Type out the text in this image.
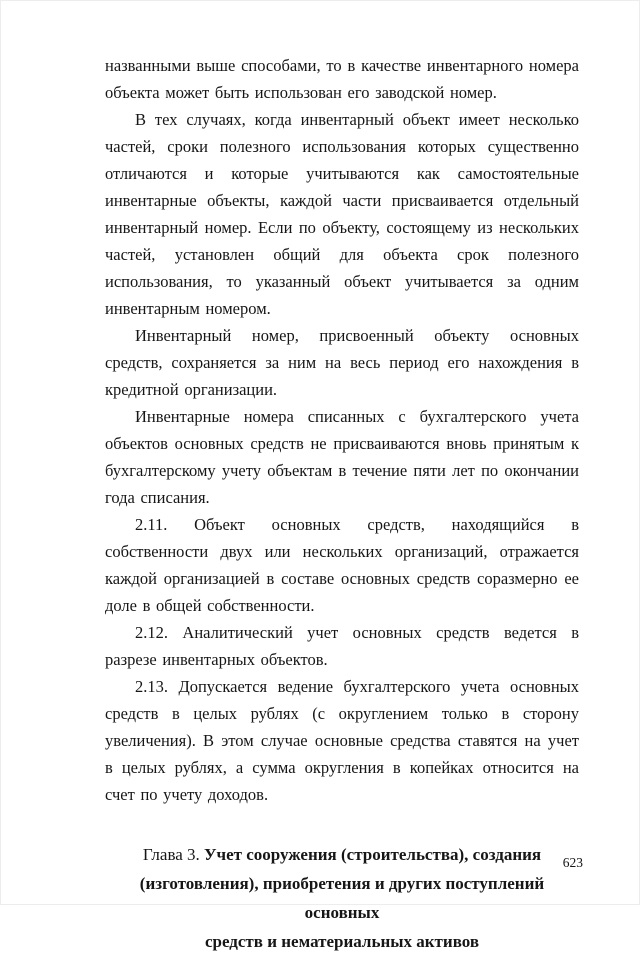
названными выше способами, то в качестве инвентарного номера объекта может быть использован его заводской номер.

В тех случаях, когда инвентарный объект имеет несколько частей, сроки полезного использования которых существенно отличаются и которые учитываются как самостоятельные инвентарные объекты, каждой части присваивается отдельный инвентарный номер. Если по объекту, состоящему из нескольких частей, установлен общий для объекта срок полезного использования, то указанный объект учитывается за одним инвентарным номером.

Инвентарный номер, присвоенный объекту основных средств, сохраняется за ним на весь период его нахождения в кредитной организации.

Инвентарные номера списанных с бухгалтерского учета объектов основных средств не присваиваются вновь принятым к бухгалтерскому учету объектам в течение пяти лет по окончании года списания.

2.11. Объект основных средств, находящийся в собственности двух или нескольких организаций, отражается каждой организацией в составе основных средств соразмерно ее доле в общей собственности.

2.12. Аналитический учет основных средств ведется в разрезе инвентарных объектов.

2.13. Допускается ведение бухгалтерского учета основных средств в целых рублях (с округлением только в сторону увеличения). В этом случае основные средства ставятся на учет в целых рублях, а сумма округления в копейках относится на счет по учету доходов.

Глава 3. Учет сооружения (строительства), создания
(изготовления), приобретения и других поступлений основных
средств и нематериальных активов
623
